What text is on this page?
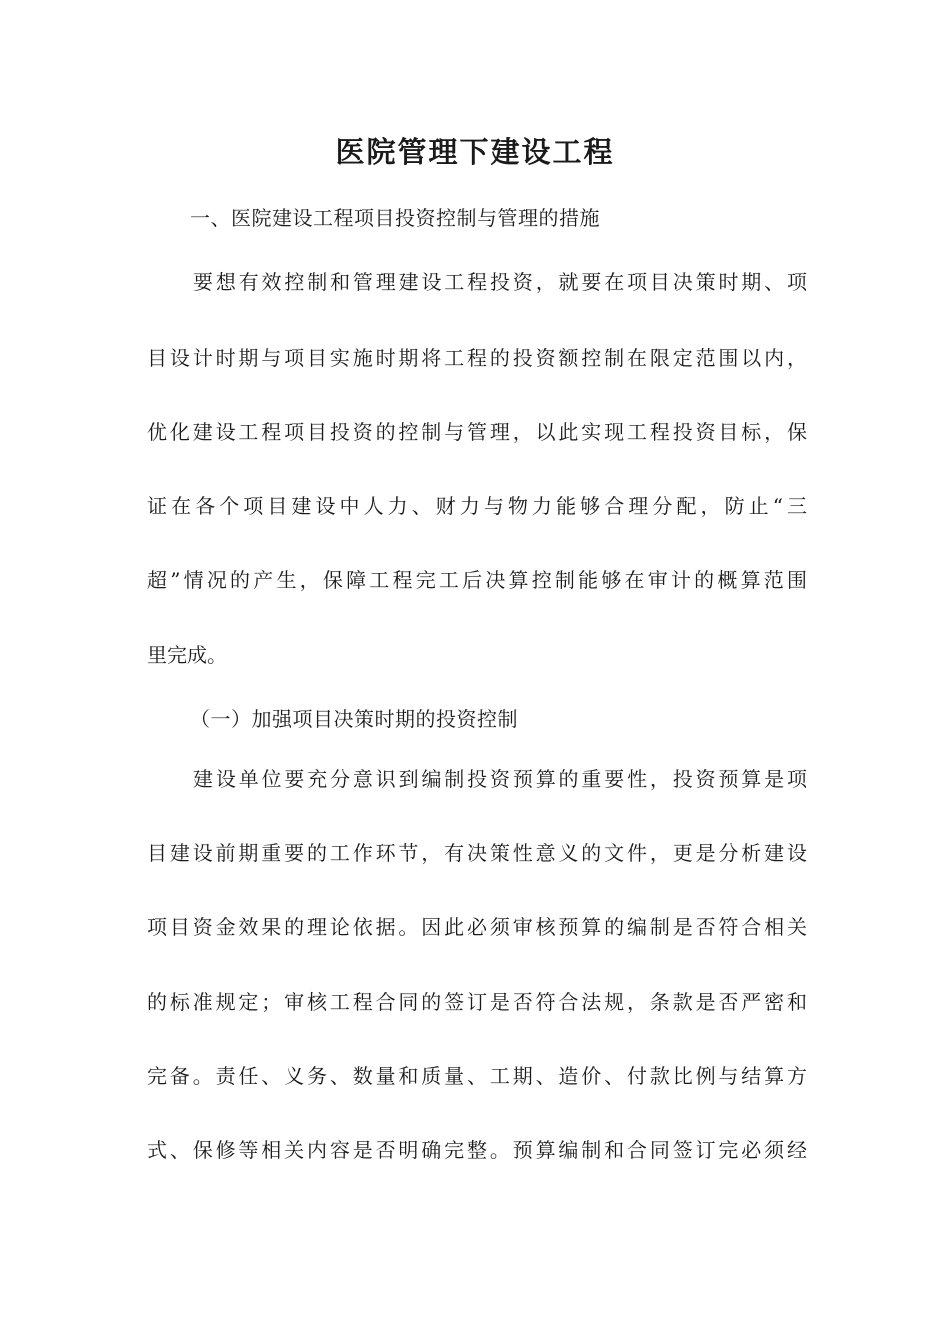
医院管理下建设工程
一、医院建设工程项目投资控制与管理的措施
要想有效控制和管理建设工程投资，就要在项目决策时期、项
目设计时期与项目实施时期将工程的投资额控制在限定范围以内，
优化建设工程项目投资的控制与管理，以此实现工程投资目标，保
证在各个项目建设中人力、财力与物力能够合理分配，防止“三
超”情况的产生，保障工程完工后决算控制能够在审计的概算范围
里完成。
（一）加强项目决策时期的投资控制
建设单位要充分意识到编制投资预算的重要性，投资预算是项
目建设前期重要的工作环节，有决策性意义的文件，更是分析建设
项目资金效果的理论依据。因此必须审核预算的编制是否符合相关
的标准规定；审核工程合同的签订是否符合法规，条款是否严密和
完备。责任、义务、数量和质量、工期、造价、付款比例与结算方
式、保修等相关内容是否明确完整。预算编制和合同签订完必须经
